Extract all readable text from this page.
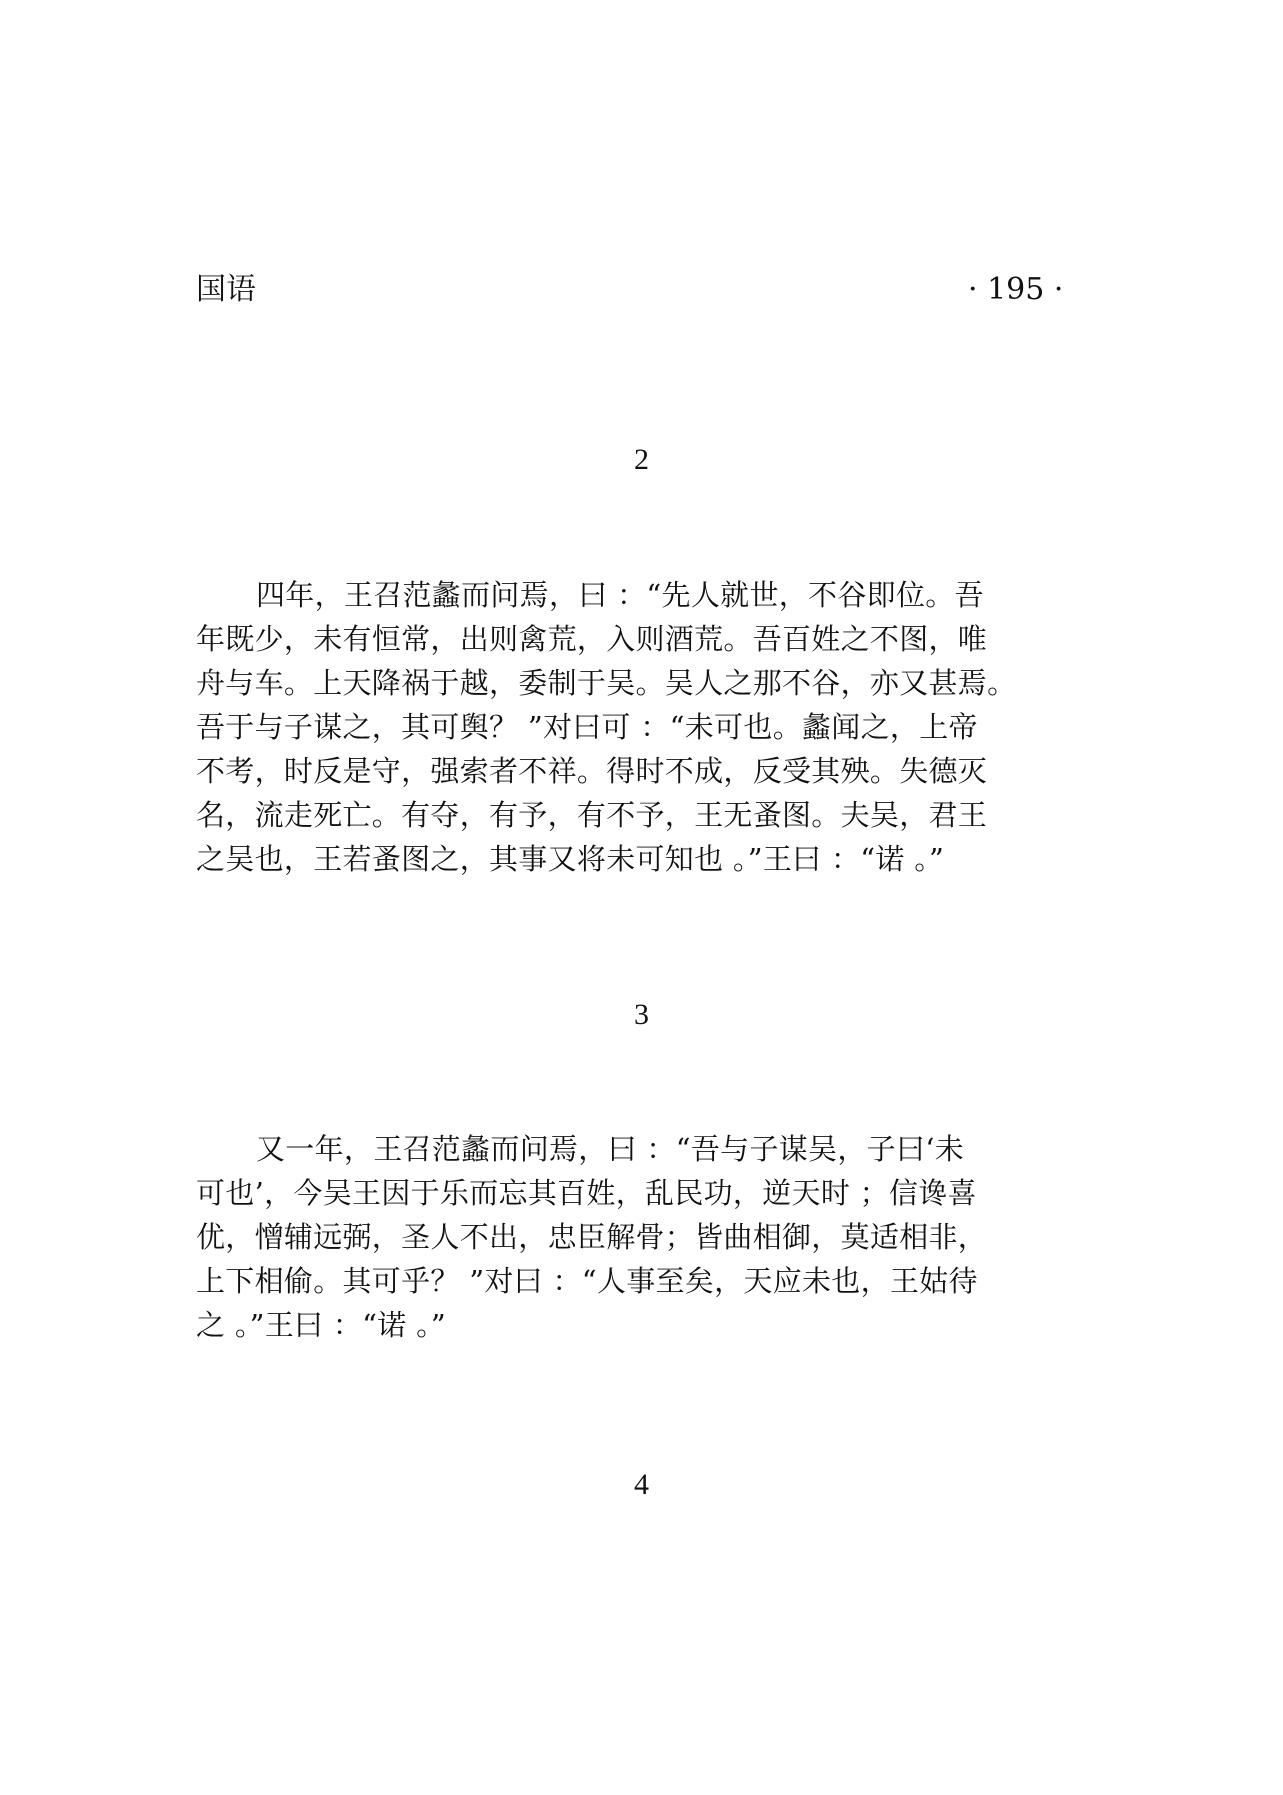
国语	· 195 ·
2
四年，王召范蠡而问焉，曰 ：“先人就世，不谷即位。吾
年既少，未有恒常，出则禽荒，入则酒荒。吾百姓之不图，唯
舟与车。上天降祸于越，委制于吴。吴人之那不谷，亦又甚焉。
吾于与子谋之，其可舆？ ”对曰可 ：“未可也。蠡闻之，上帝
不考，时反是守，强索者不祥。得时不成，反受其殃。失德灭
名，流走死亡。有夺，有予，有不予，王无蚤图。夫吴，君王
之吴也，王若蚤图之，其事又将未可知也 。”王曰 ：“诺 。”
3
又一年，王召范蠡而问焉，曰 ：“吾与子谋吴，子曰‘未
可也’，今吴王因于乐而忘其百姓，乱民功，逆天时 ；信谗喜
优，憎辅远弼，圣人不出，忠臣解骨；皆曲相御，莫适相非，
上下相偷。其可乎？ ”对曰 ：“人事至矣，天应未也，王姑待
之 。”王曰 ：“诺 。”
4
